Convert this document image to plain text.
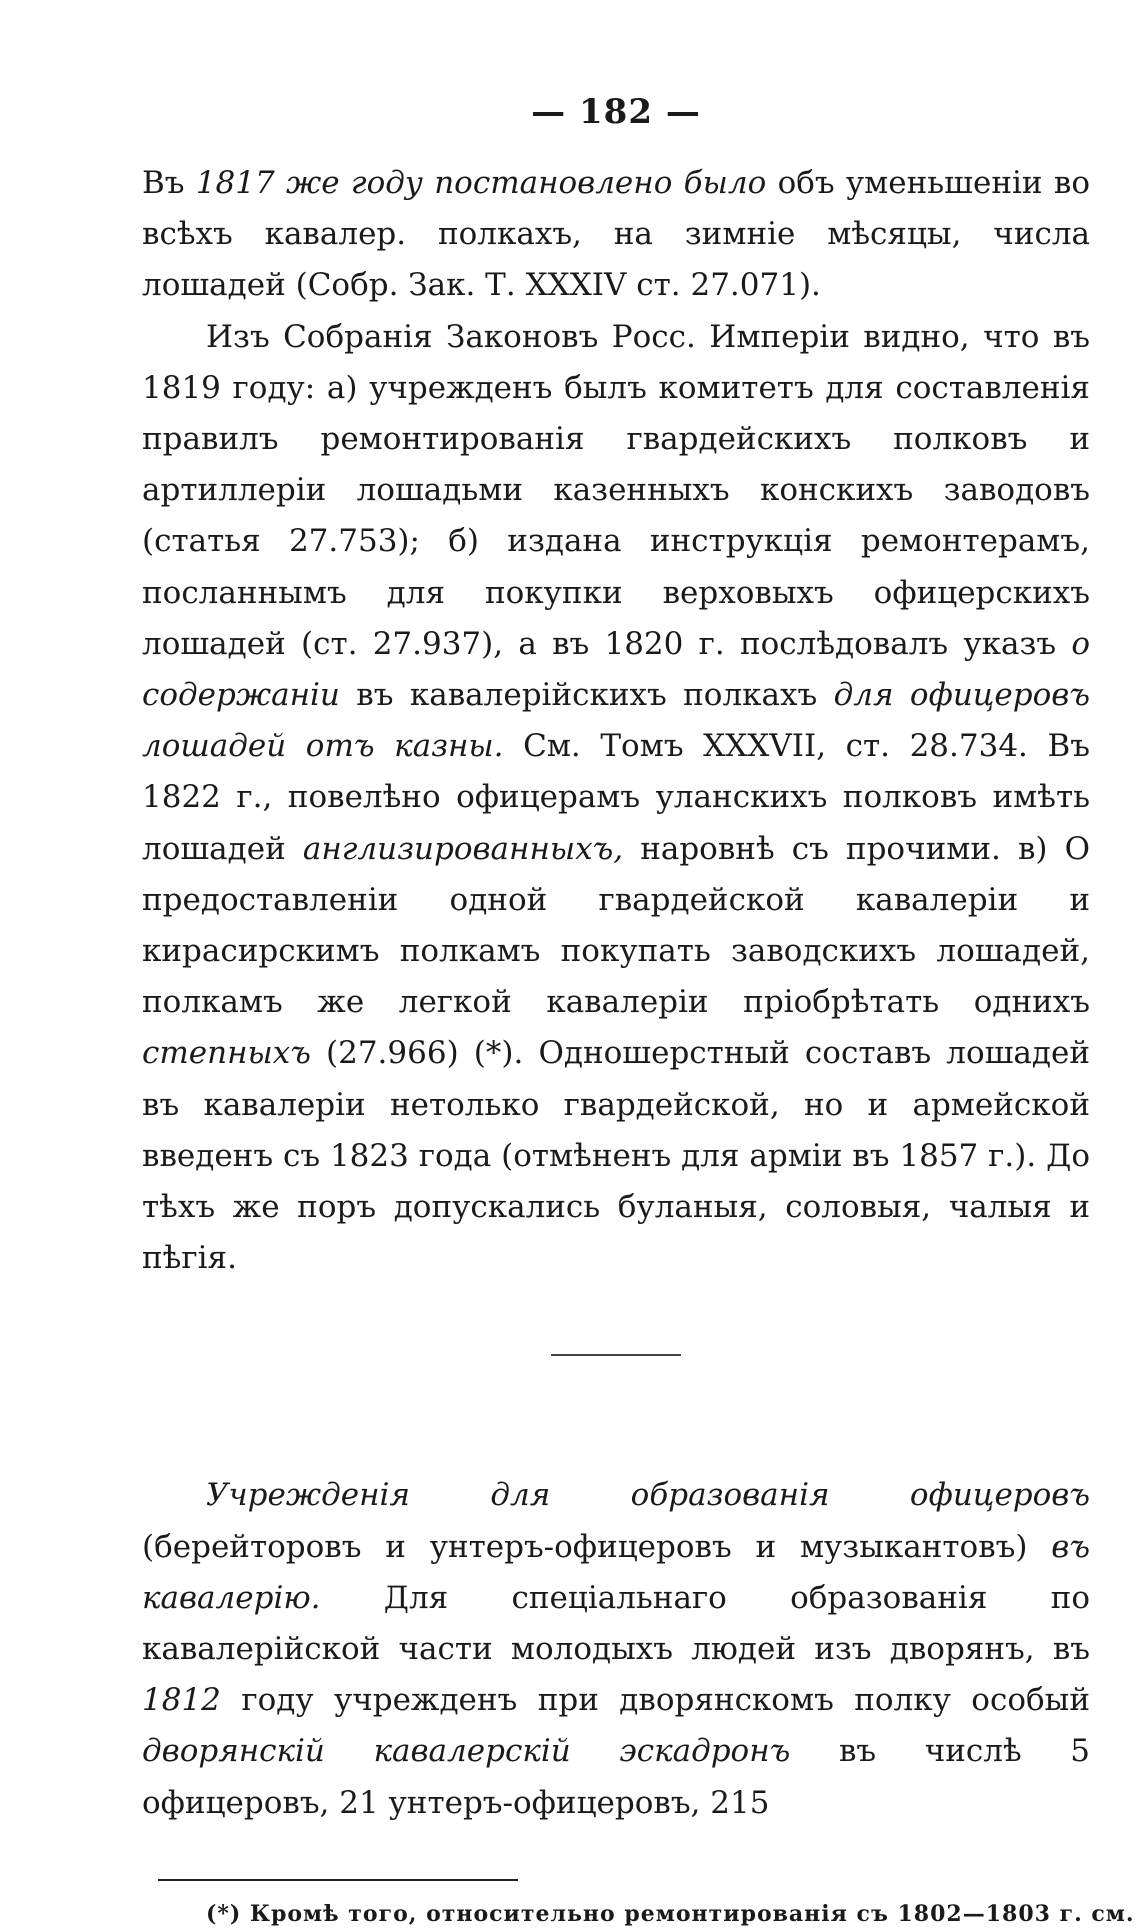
— 182 —

Въ 1817 же году постановлено было объ уменьшеніи во всѣхъ кавалер. полкахъ, на зимніе мѣсяцы, числа лошадей (Собр. Зак. Т. XXXIV ст. 27.071).

Изъ Собранія Законовъ Росс. Имперіи видно, что въ 1819 году: а) учрежденъ былъ комитетъ для составленія правилъ ремонтированія гвардейскихъ полковъ и артиллеріи лошадьми казенныхъ конскихъ заводовъ (статья 27.753); б) издана инструкція ремонтерамъ, посланнымъ для покупки верховыхъ офицерскихъ лошадей (ст. 27.937), а въ 1820 г. послѣдовалъ указъ о содержаніи въ кавалерійскихъ полкахъ для офицеровъ лошадей отъ казны. См. Томъ XXXVII, ст. 28.734. Въ 1822 г., повелѣно офицерамъ уланскихъ полковъ имѣть лошадей англизированныхъ, наровнѣ съ прочими. в) О предоставленіи одной гвардейской кавалеріи и кирасирскимъ полкамъ покупать заводскихъ лошадей, полкамъ же легкой кавалеріи пріобрѣтать однихъ степныхъ (27.966) (*). Одношерстный составъ лошадей въ кавалеріи нетолько гвардейской, но и армейской введенъ съ 1823 года (отмѣненъ для арміи въ 1857 г.). До тѣхъ же поръ допускались буланыя, соловыя, чалыя и пѣгія.

Учрежденія для образованія офицеровъ (берейторовъ и унтеръ-офицеровъ и музыкантовъ) въ кавалерію. Для спеціальнаго образованія по кавалерійской части молодыхъ людей изъ дворянъ, въ 1812 году учрежденъ при дворянскомъ полку особый дворянскій кавалерскій эскадронъ въ числѣ 5 офицеровъ, 21 унтеръ-офицеровъ, 215

(*) Кромѣ того, относительно ремонтированія съ 1802—1803 г. см.
